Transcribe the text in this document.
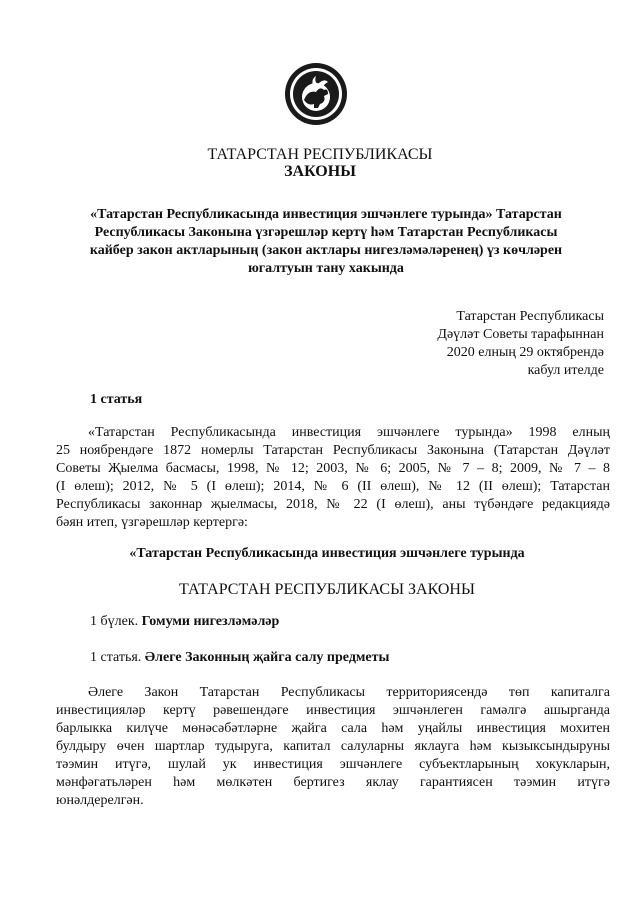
ТАТАРСТАН РЕСПУБЛИКАСЫ
ЗАКОНЫ
«Татарстан Республикасында инвестиция эшчәнлеге турында» Татарстан
Республикасы Законына үзгәрешләр кертү һәм Татарстан Республикасы
кайбер закон актларының (закон актлары нигезләмәләренең) үз көчләрен
югалтуын тану хакында
Татарстан Республикасы
Дәүләт Советы тарафыннан
2020 елның 29 октябрендә
кабул ителде
1 статья
«Татарстан Республикасында инвестиция эшчәнлеге турында» 1998 елның
25 ноябрендәге 1872 номерлы Татарстан Республикасы Законына (Татарстан Дәүләт
Советы Җыелма басмасы, 1998, № 12; 2003, № 6; 2005, № 7 – 8; 2009, № 7 – 8
(I өлеш); 2012, № 5 (I өлеш); 2014, № 6 (II өлеш), № 12 (II өлеш); Татарстан
Республикасы законнар җыелмасы, 2018, № 22 (I өлеш), аны түбәндәге редакциядә
бәян итеп, үзгәрешләр кертергә:
«Татарстан Республикасында инвестиция эшчәнлеге турында
ТАТАРСТАН РЕСПУБЛИКАСЫ ЗАКОНЫ
1 бүлек. Гомуми нигезләмәләр
1 статья. Әлеге Законның җайга салу предметы
Әлеге Закон Татарстан Республикасы территориясендә төп капиталга
инвестицияләр кертү рәвешендәге инвестиция эшчәнлеген гамәлгә ашырганда
барлыкка килүче мөнәсәбәтләрне җайга сала һәм уңайлы инвестиция мохитен
булдыру өчен шартлар тудыруга, капитал салуларны яклауга һәм кызыксындыруны
тәэмин итүгә, шулай ук инвестиция эшчәнлеге субъектларының хокукларын,
мәнфәгатьләрен һәм мөлкәтен бертигез яклау гарантиясен тәэмин итүгә
юнәлдерелгән.
